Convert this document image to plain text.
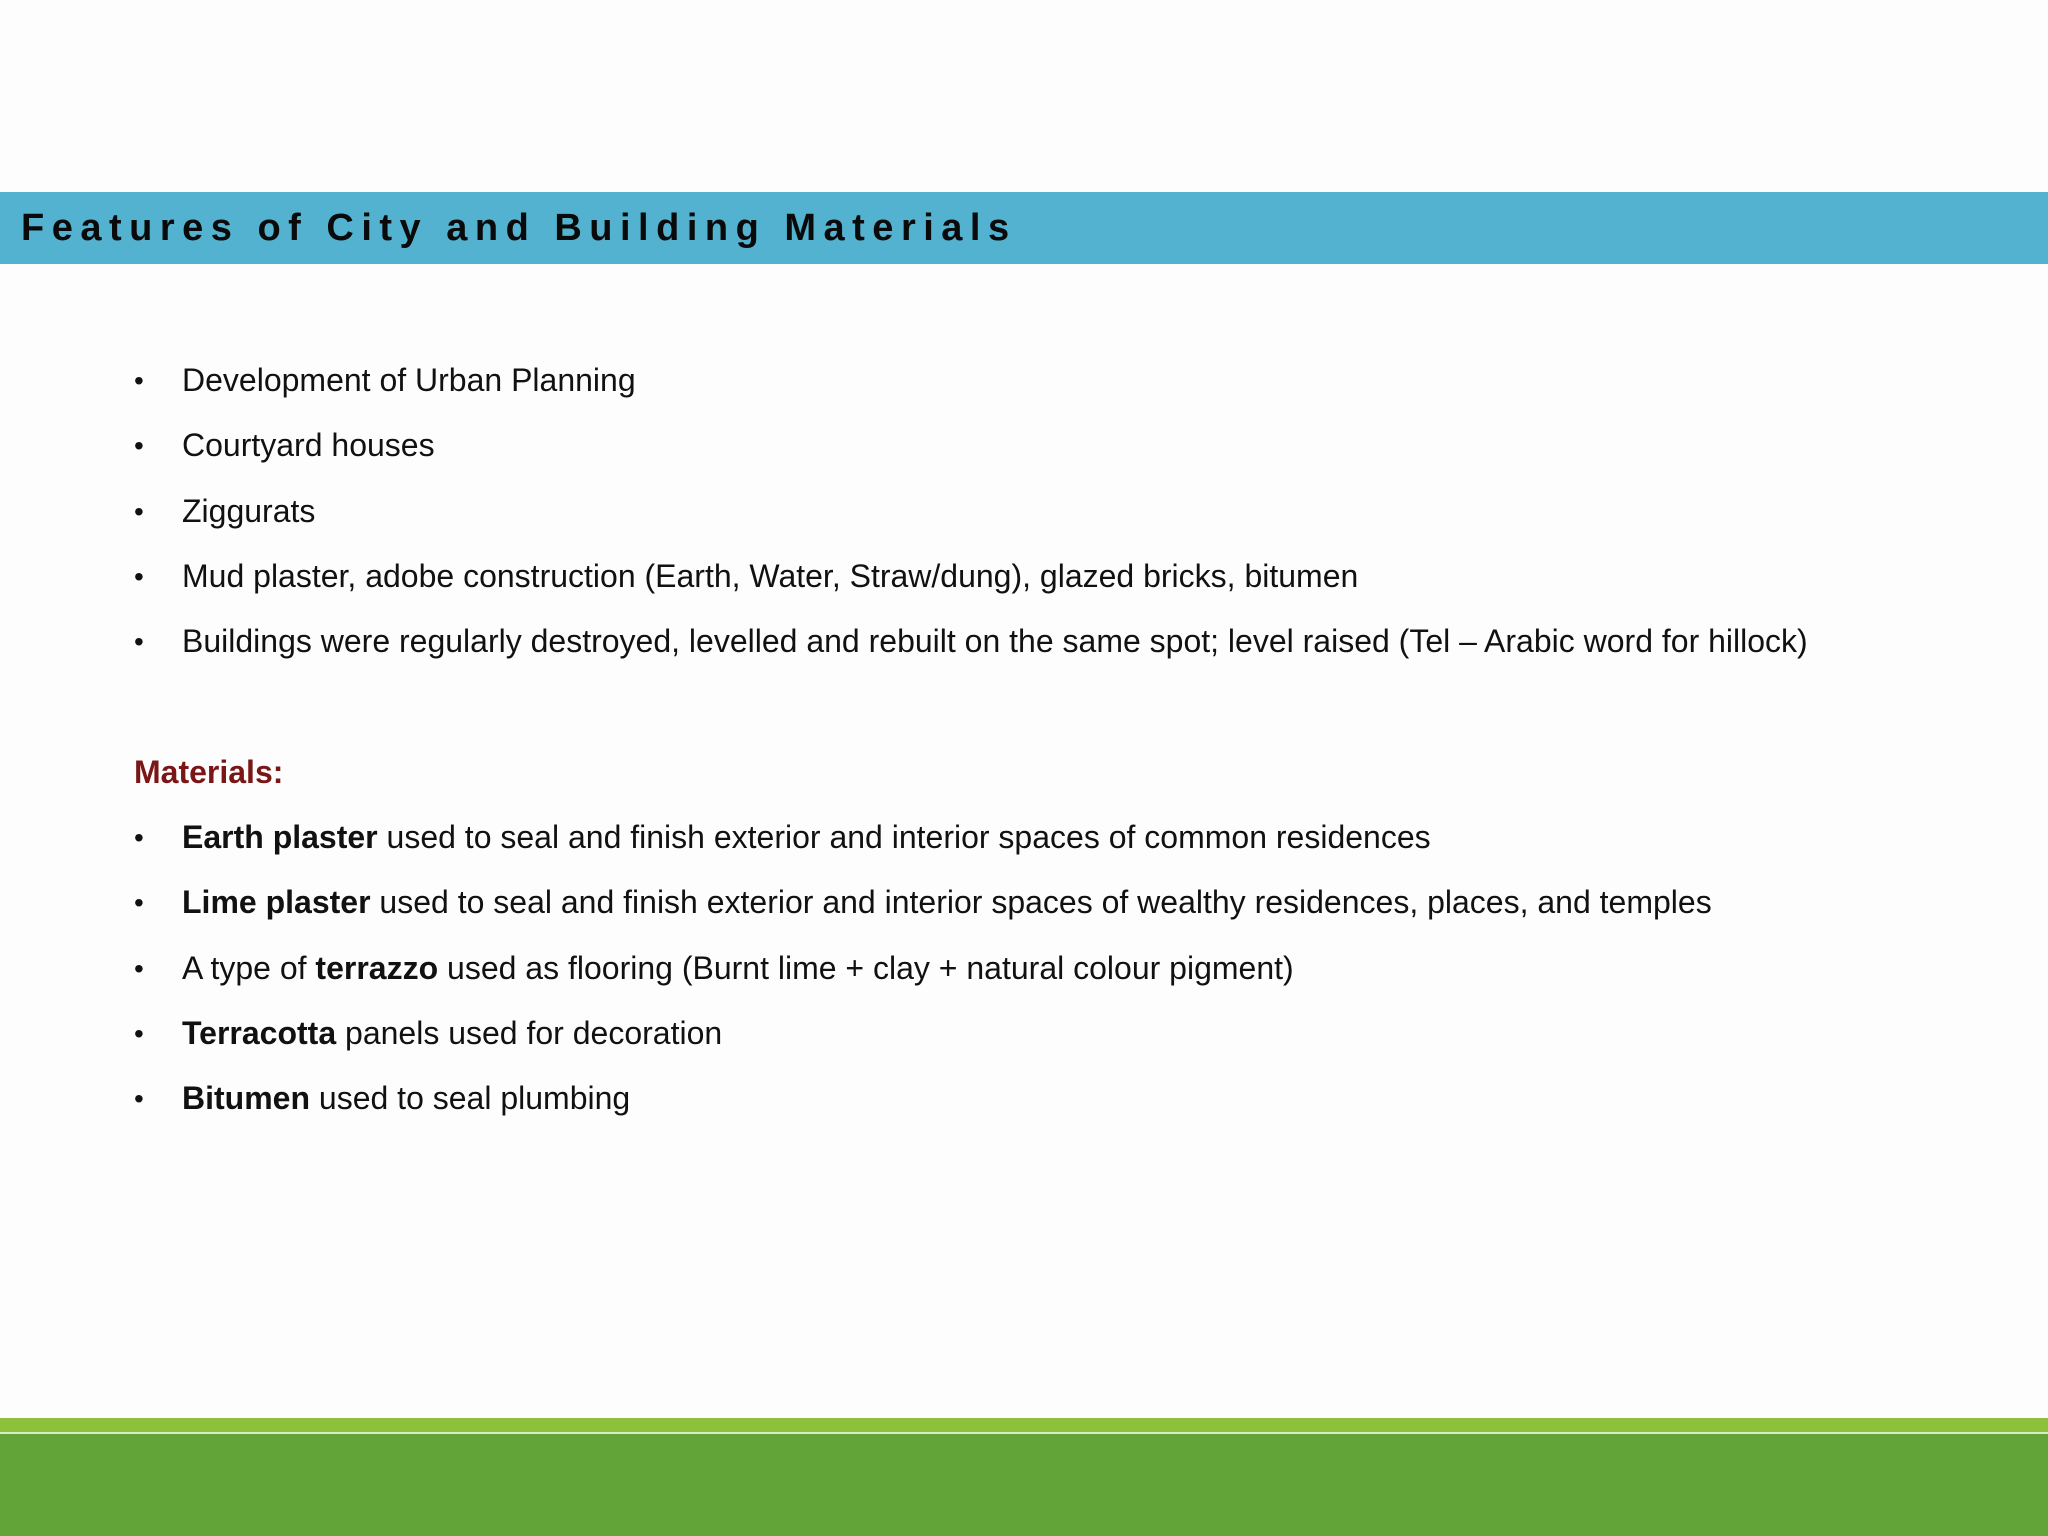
Features of City and Building Materials
•	Development of Urban Planning
•	Courtyard houses
•	Ziggurats
•	Mud plaster, adobe construction (Earth, Water, Straw/dung), glazed bricks, bitumen
•	Buildings were regularly destroyed, levelled and rebuilt on the same spot; level raised (Tel – Arabic word for hillock)
Materials:
•	Earth plaster used to seal and finish exterior and interior spaces of common residences
•	Lime plaster used to seal and finish exterior and interior spaces of wealthy residences, places, and temples
•	A type of terrazzo used as flooring (Burnt lime + clay + natural colour pigment)
•	Terracotta panels used for decoration
•	Bitumen used to seal plumbing
